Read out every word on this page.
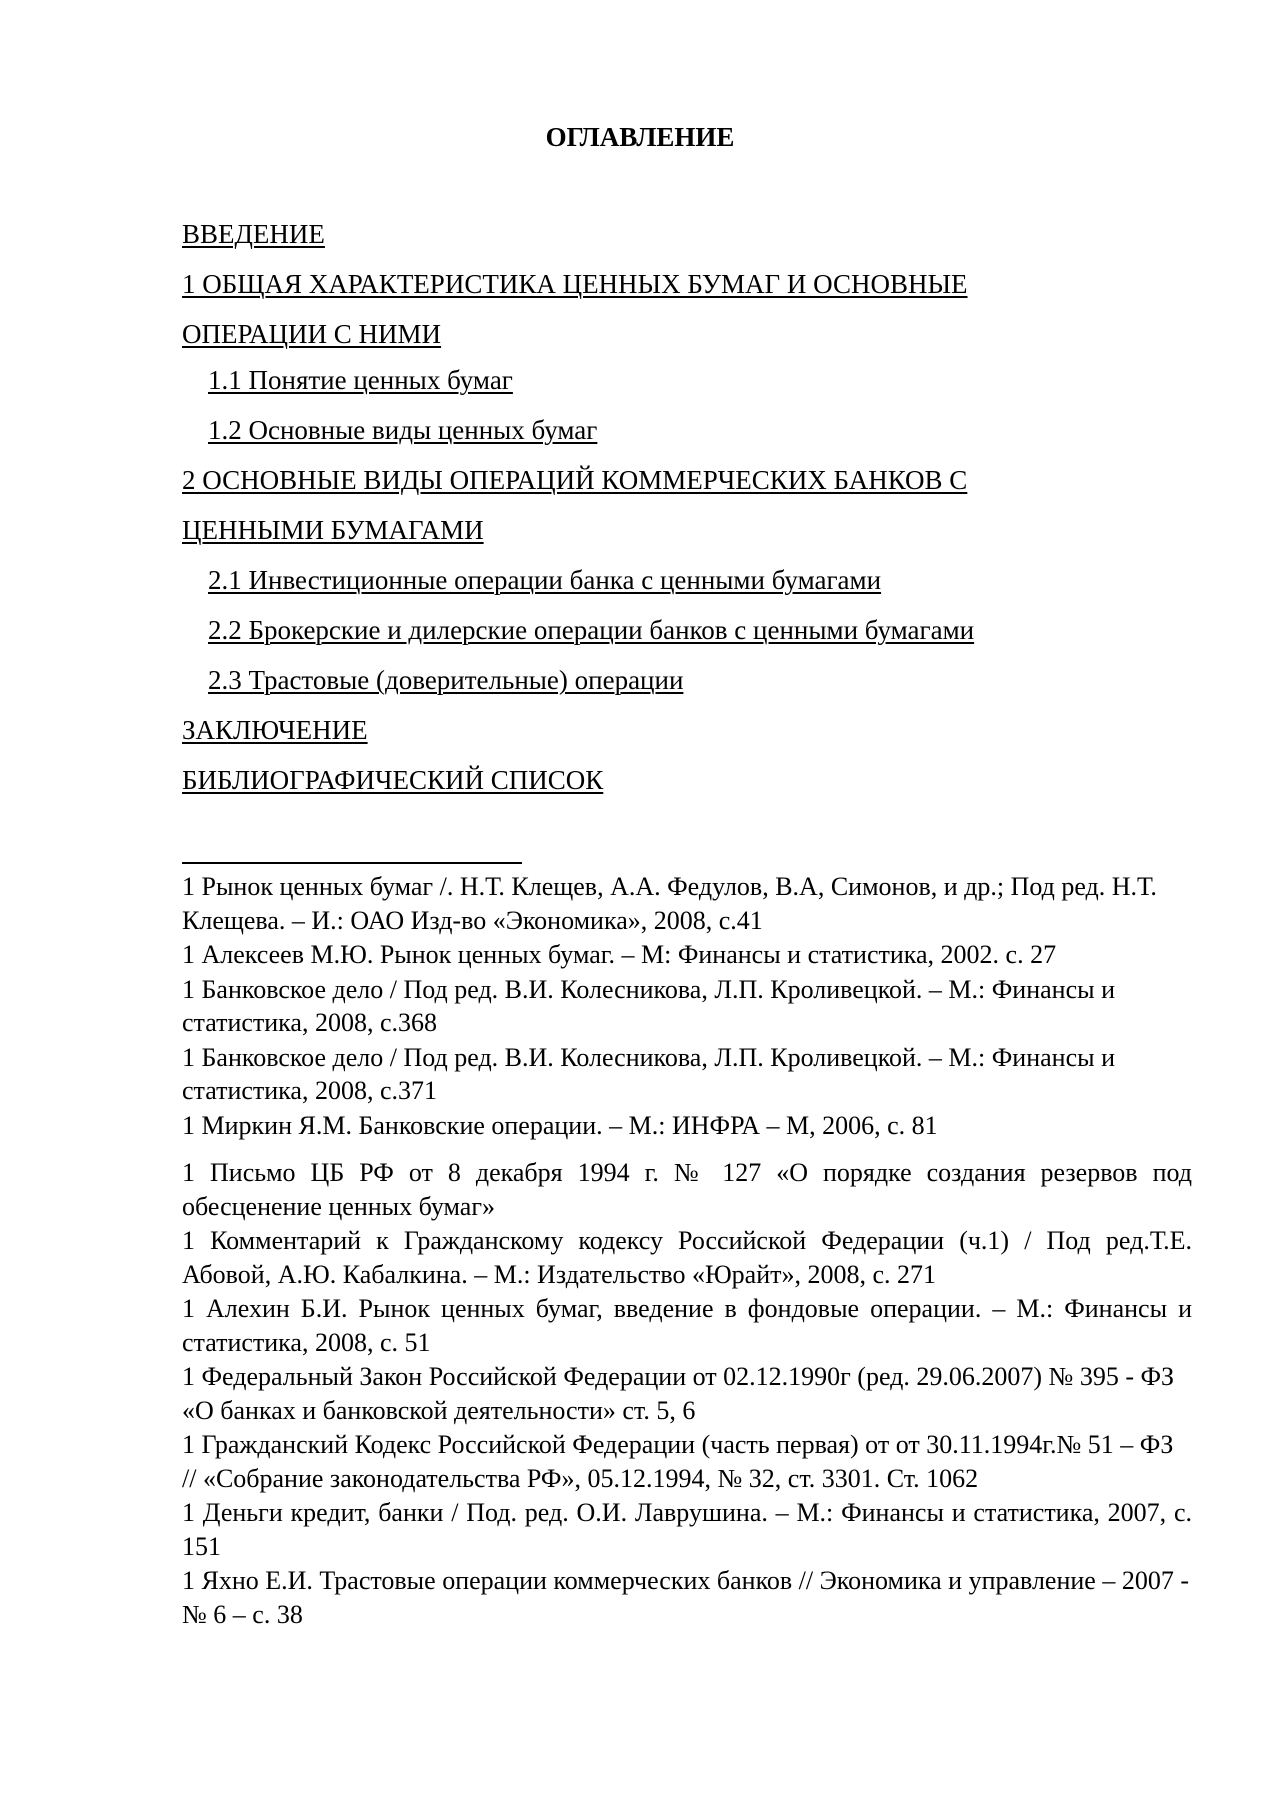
ОГЛАВЛЕНИЕ
ВВЕДЕНИЕ
1 ОБЩАЯ ХАРАКТЕРИСТИКА ЦЕННЫХ БУМАГ И ОСНОВНЫЕ
ОПЕРАЦИИ С НИМИ
1.1 Понятие ценных бумаг
1.2 Основные виды ценных бумаг
2 ОСНОВНЫЕ ВИДЫ ОПЕРАЦИЙ КОММЕРЧЕСКИХ БАНКОВ С
ЦЕННЫМИ БУМАГАМИ
2.1 Инвестиционные операции банка с ценными бумагами
2.2 Брокерские и дилерские операции банков с ценными бумагами
2.3 Трастовые (доверительные) операции
ЗАКЛЮЧЕНИЕ
БИБЛИОГРАФИЧЕСКИЙ СПИСОК

1 Рынок ценных бумаг /. Н.Т. Клещев, А.А. Федулов, В.А, Симонов, и др.; Под ред. Н.Т. Клещева. – И.: ОАО Изд-во «Экономика», 2008, с.41

1 Алексеев М.Ю. Рынок ценных бумаг. – М: Финансы и статистика, 2002. с. 27

1 Банковское дело / Под ред. В.И. Колесникова, Л.П. Кроливецкой. – М.: Финансы и статистика, 2008, с.368

1 Банковское дело / Под ред. В.И. Колесникова, Л.П. Кроливецкой. – М.: Финансы и статистика, 2008, с.371

1 Миркин Я.М. Банковские операции. – М.: ИНФРА – М, 2006, с. 81

1 Письмо ЦБ РФ от 8 декабря 1994 г. № 127 «О порядке создания резервов под обесценение ценных бумаг»

1 Комментарий к Гражданскому кодексу Российской Федерации (ч.1) / Под ред.Т.Е. Абовой, А.Ю. Кабалкина. – М.: Издательство «Юрайт», 2008, с. 271

1 Алехин Б.И. Рынок ценных бумаг, введение в фондовые операции. – М.: Финансы и статистика, 2008, с. 51

1 Федеральный Закон Российской Федерации от 02.12.1990г (ред. 29.06.2007) № 395 - ФЗ «О банках и банковской деятельности» ст. 5, 6

1 Гражданский Кодекс Российской Федерации (часть первая) от от 30.11.1994г.№ 51 – ФЗ // «Собрание законодательства РФ», 05.12.1994, № 32, ст. 3301. Ст. 1062

1 Деньги кредит, банки / Под. ред. О.И. Лаврушина. – М.: Финансы и статистика, 2007, с. 151

1 Яхно Е.И. Трастовые операции коммерческих банков // Экономика и управление – 2007 - № 6 – с. 38
